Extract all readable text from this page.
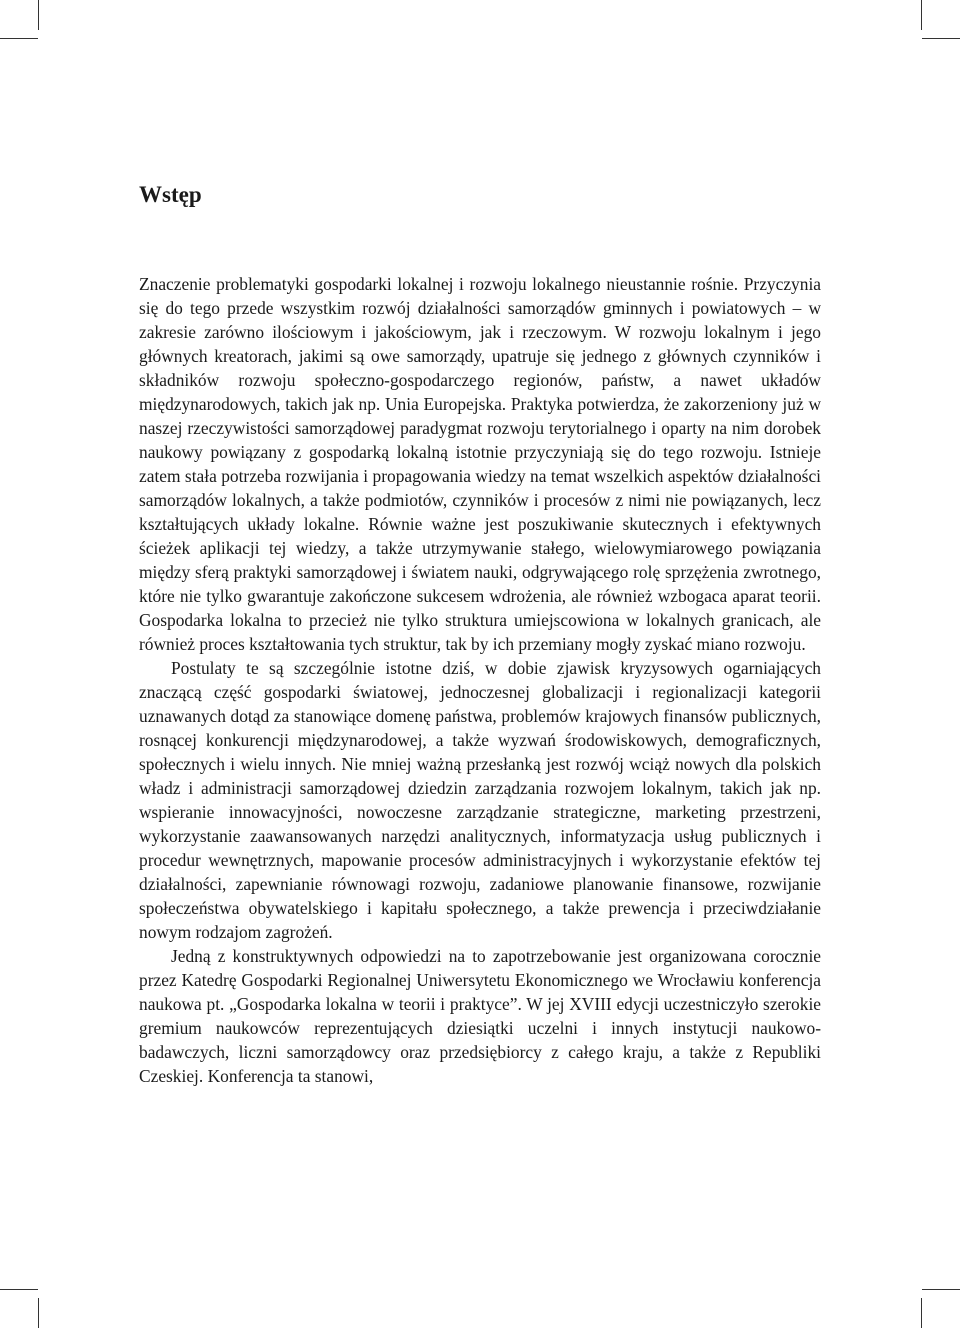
Wstęp

Znaczenie problematyki gospodarki lokalnej i rozwoju lokalnego nieustannie rośnie. Przyczynia się do tego przede wszystkim rozwój działalności samorządów gminnych i powiatowych – w zakresie zarówno ilościowym i jakościowym, jak i rzeczowym. W rozwoju lokalnym i jego głównych kreatorach, jakimi są owe samorządy, upatruje się jednego z głównych czynników i składników rozwoju społeczno-gospodarczego regionów, państw, a nawet układów międzynarodowych, takich jak np. Unia Europejska. Praktyka potwierdza, że zakorzeniony już w naszej rzeczywistości samorządowej paradygmat rozwoju terytorialnego i oparty na nim dorobek naukowy powiązany z gospodarką lokalną istotnie przyczyniają się do tego rozwoju. Istnieje zatem stała potrzeba rozwijania i propagowania wiedzy na temat wszelkich aspektów działalności samorządów lokalnych, a także podmiotów, czynników i procesów z nimi nie powiązanych, lecz kształtujących układy lokalne. Równie ważne jest poszukiwanie skutecznych i efektywnych ścieżek aplikacji tej wiedzy, a także utrzymywanie stałego, wielowymiarowego powiązania między sferą praktyki samorządowej i światem nauki, odgrywającego rolę sprzężenia zwrotnego, które nie tylko gwarantuje zakończone sukcesem wdrożenia, ale również wzbogaca aparat teorii. Gospodarka lokalna to przecież nie tylko struktura umiejscowiona w lokalnych granicach, ale również proces kształtowania tych struktur, tak by ich przemiany mogły zyskać miano rozwoju.

Postulaty te są szczególnie istotne dziś, w dobie zjawisk kryzysowych ogarniających znaczącą część gospodarki światowej, jednoczesnej globalizacji i regionalizacji kategorii uznawanych dotąd za stanowiące domenę państwa, problemów krajowych finansów publicznych, rosnącej konkurencji międzynarodowej, a także wyzwań środowiskowych, demograficznych, społecznych i wielu innych. Nie mniej ważną przesłanką jest rozwój wciąż nowych dla polskich władz i administracji samorządowej dziedzin zarządzania rozwojem lokalnym, takich jak np. wspieranie innowacyjności, nowoczesne zarządzanie strategiczne, marketing przestrzeni, wykorzystanie zaawansowanych narzędzi analitycznych, informatyzacja usług publicznych i procedur wewnętrznych, mapowanie procesów administracyjnych i wykorzystanie efektów tej działalności, zapewnianie równowagi rozwoju, zadaniowe planowanie finansowe, rozwijanie społeczeństwa obywatelskiego i kapitału społecznego, a także prewencja i przeciwdziałanie nowym rodzajom zagrożeń.

Jedną z konstruktywnych odpowiedzi na to zapotrzebowanie jest organizowana corocznie przez Katedrę Gospodarki Regionalnej Uniwersytetu Ekonomicznego we Wrocławiu konferencja naukowa pt. „Gospodarka lokalna w teorii i praktyce”. W jej XVIII edycji uczestniczyło szerokie gremium naukowców reprezentujących dziesiątki uczelni i innych instytucji naukowo-badawczych, liczni samorządowcy oraz przedsiębiorcy z całego kraju, a także z Republiki Czeskiej. Konferencja ta stanowi,
